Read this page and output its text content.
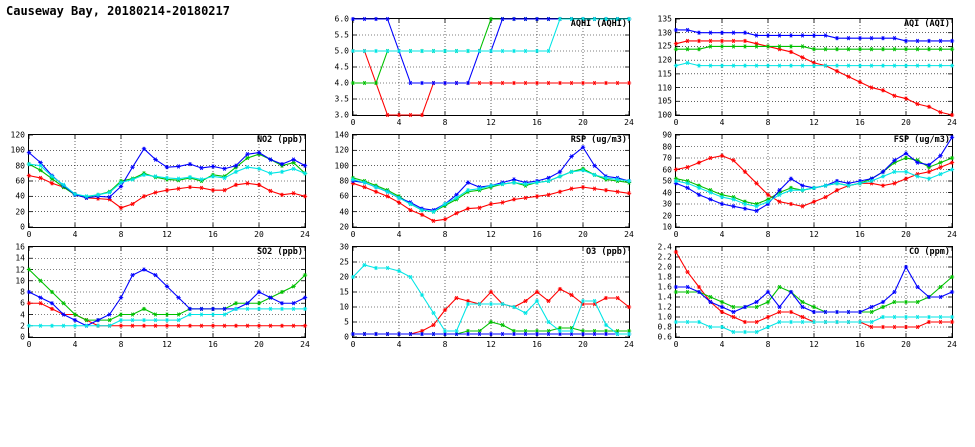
Causeway Bay, 20180214-20180217
AQHI (AQHI)
3.0
3.5
4.0
4.5
5.0
5.5
6.0
0	4	8	12	16	20	24
AQI (AQI)
100
105
110
115
120
125
130
135
0	4	8	12	16	20	24
NO2 (ppb)
0
20
40
60
80
100
120
0	4	8	12	16	20	24
RSP (ug/m3)
20
40
60
80
100
120
140
0	4	8	12	16	20	24
FSP (ug/m3)
10
20
30
40
50
60
70
80
90
0	4	8	12	16	20	24
SO2 (ppb)
0
2
4
6
8
10
12
14
16
0	4	8	12	16	20	24
O3 (ppb)
0
5
10
15
20
25
30
0	4	8	12	16	20	24
CO (ppm)
0.6
0.8
1.0
1.2
1.4
1.6
1.8
2.0
2.2
2.4
0	4	8	12	16	20	24
